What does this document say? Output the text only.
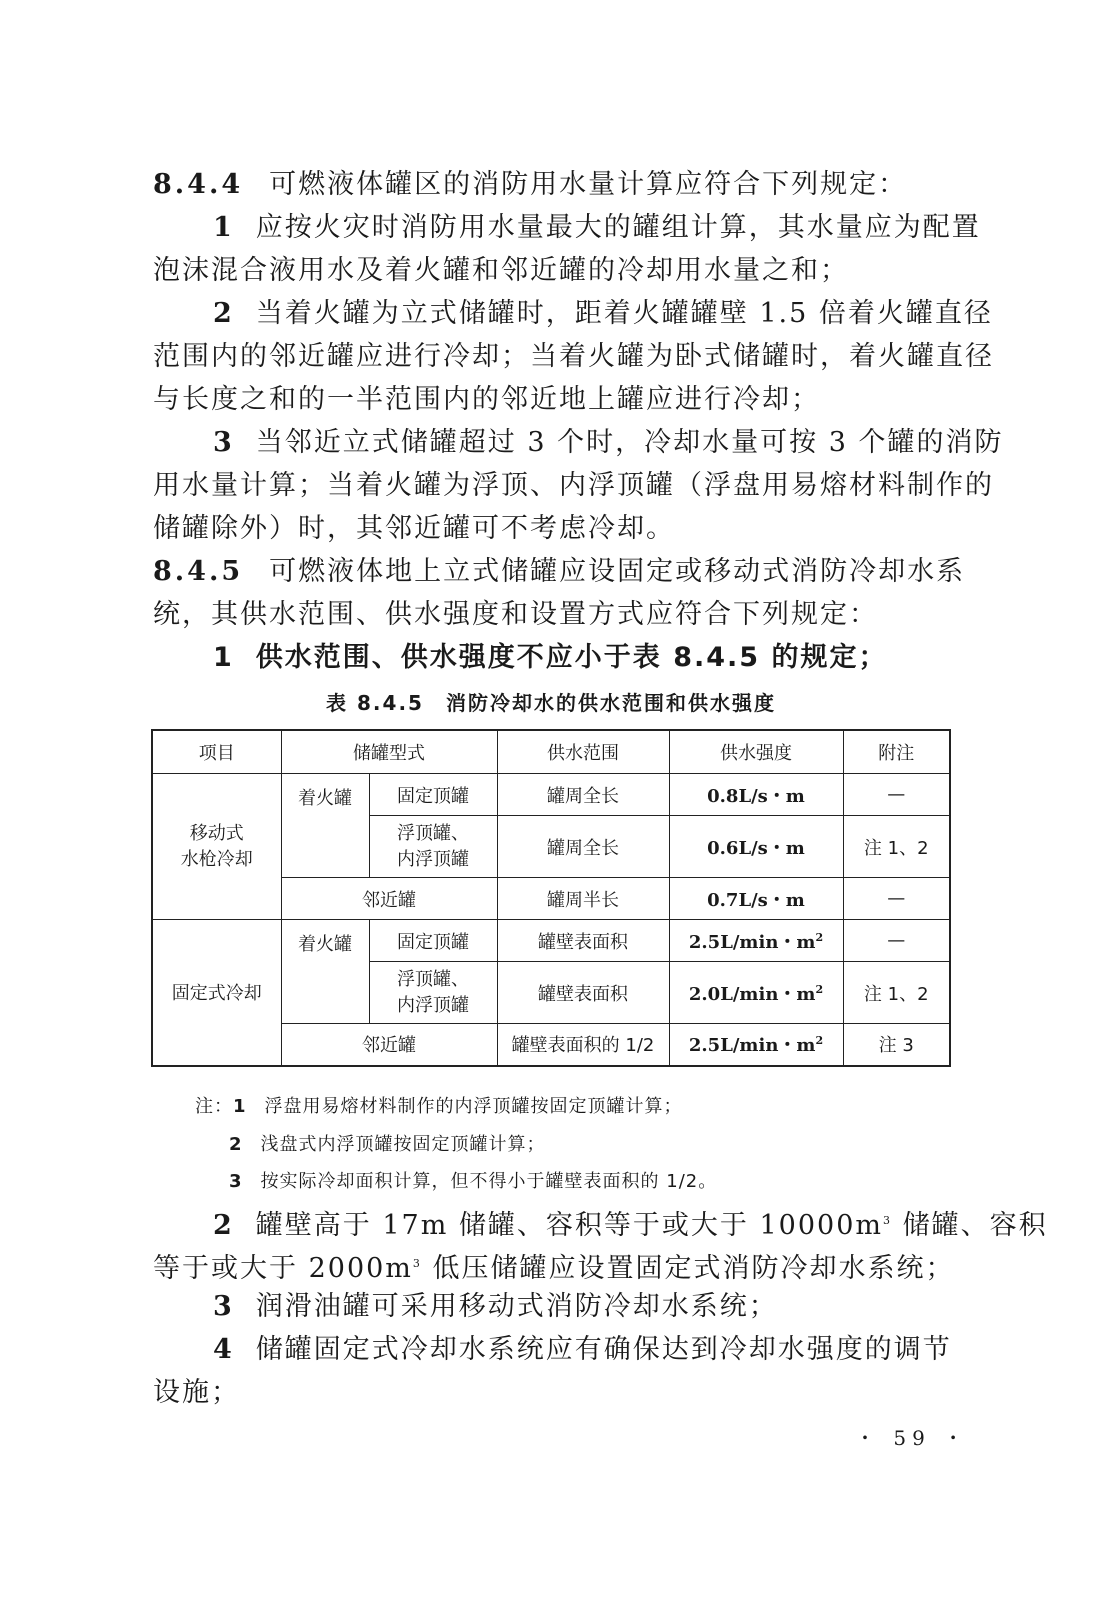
8.4.4 可燃液体罐区的消防用水量计算应符合下列规定：
1 应按火灾时消防用水量最大的罐组计算，其水量应为配置
泡沫混合液用水及着火罐和邻近罐的冷却用水量之和；
2 当着火罐为立式储罐时，距着火罐罐壁 1.5 倍着火罐直径
范围内的邻近罐应进行冷却；当着火罐为卧式储罐时，着火罐直径
与长度之和的一半范围内的邻近地上罐应进行冷却；
3 当邻近立式储罐超过 3 个时，冷却水量可按 3 个罐的消防
用水量计算；当着火罐为浮顶、内浮顶罐（浮盘用易熔材料制作的
储罐除外）时，其邻近罐可不考虑冷却。
8.4.5 可燃液体地上立式储罐应设固定或移动式消防冷却水系
统，其供水范围、供水强度和设置方式应符合下列规定：
1 供水范围、供水强度不应小于表 8.4.5 的规定；
表 8.4.5　消防冷却水的供水范围和供水强度
项目	储罐型式		供水范围	供水强度	附注
移动式
水枪冷却	着火罐	固定顶罐	罐周全长	0.8L/s・m	—
		浮顶罐、
内浮顶罐	罐周全长	0.6L/s・m	注 1、2
	邻近罐		罐周半长	0.7L/s・m	—
固定式冷却	着火罐	固定顶罐	罐壁表面积	2.5L/min・$m^2$	—
		浮顶罐、
内浮顶罐	罐壁表面积	2.0L/min・$m^2$	注 1、2
	邻近罐		罐壁表面积的 1/2	2.5L/min・$m^2$	注 3
注：1 浮盘用易熔材料制作的内浮顶罐按固定顶罐计算；
2 浅盘式内浮顶罐按固定顶罐计算；
3 按实际冷却面积计算，但不得小于罐壁表面积的 1/2。
2 罐壁高于 17m 储罐、容积等于或大于 $10000m^3$ 储罐、容积
等于或大于 $2000m^3$ 低压储罐应设置固定式消防冷却水系统；
3 润滑油罐可采用移动式消防冷却水系统；
4 储罐固定式冷却水系统应有确保达到冷却水强度的调节
设施；
・ 59 ・
